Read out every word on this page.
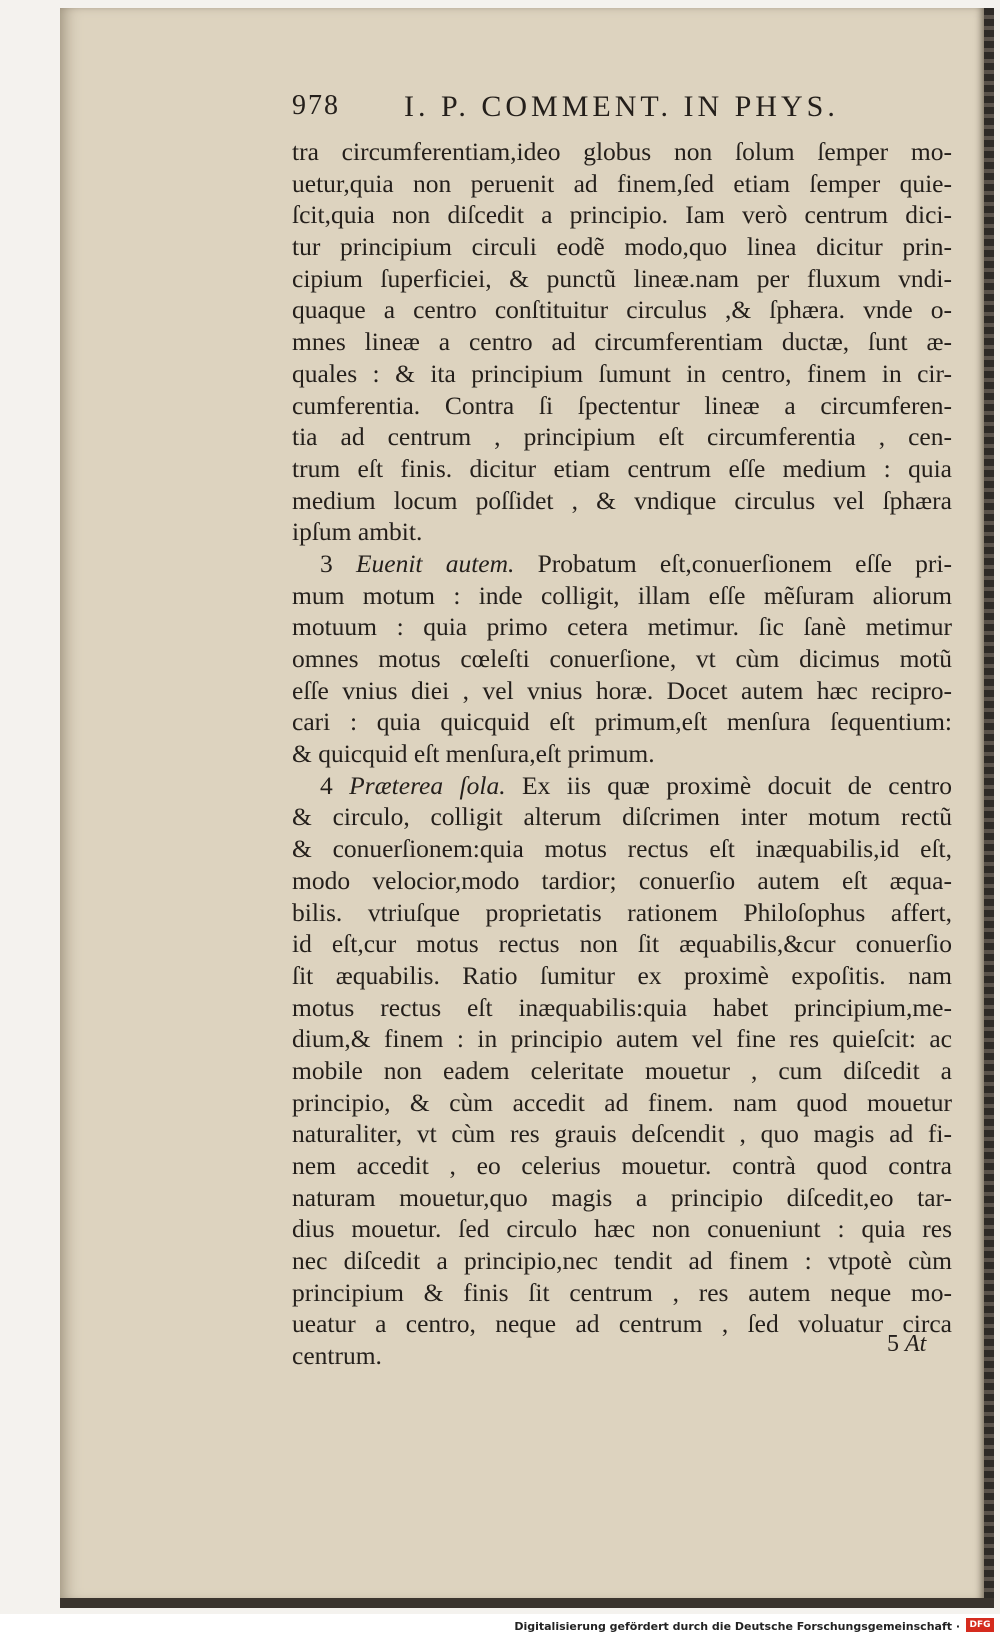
978 I. P. COMMENT. IN PHYS.
tra circumferentiam,ideo globus non ſolum ſemper mo-
uetur,quia non peruenit ad finem,ſed etiam ſemper quie-
ſcit,quia non diſcedit a principio. Iam verò centrum dici-
tur principium circuli eodẽ modo,quo linea dicitur prin-
cipium ſuperficiei, & punctũ lineæ.nam per fluxum vndi-
quaque a centro conſtituitur circulus ,& ſphæra. vnde o-
mnes lineæ a centro ad circumferentiam ductæ, ſunt æ-
quales : & ita principium ſumunt in centro, finem in cir-
cumferentia. Contra ſi ſpectentur lineæ a circumferen-
tia ad centrum , principium eſt circumferentia , cen-
trum eſt finis. dicitur etiam centrum eſſe medium : quia
medium locum poſſidet , & vndique circulus vel ſphæra
ipſum ambit.
3 Euenit autem. Probatum eſt,conuerſionem eſſe pri-
mum motum : inde colligit, illam eſſe mẽſuram aliorum
motuum : quia primo cetera metimur. ſic ſanè metimur
omnes motus cœleſti conuerſione, vt cùm dicimus motũ
eſſe vnius diei , vel vnius horæ. Docet autem hæc recipro-
cari : quia quicquid eſt primum,eſt menſura ſequentium:
& quicquid eſt menſura,eſt primum.
4 Præterea ſola. Ex iis quæ proximè docuit de centro
& circulo, colligit alterum diſcrimen inter motum rectũ
& conuerſionem:quia motus rectus eſt inæquabilis,id eſt,
modo velocior,modo tardior; conuerſio autem eſt æqua-
bilis. vtriuſque proprietatis rationem Philoſophus affert,
id eſt,cur motus rectus non ſit æquabilis,&cur conuerſio
ſit æquabilis. Ratio ſumitur ex proximè expoſitis. nam
motus rectus eſt inæquabilis:quia habet principium,me-
dium,& finem : in principio autem vel fine res quieſcit: ac
mobile non eadem celeritate mouetur , cum diſcedit a
principio, & cùm accedit ad finem. nam quod mouetur
naturaliter, vt cùm res grauis deſcendit , quo magis ad fi-
nem accedit , eo celerius mouetur. contrà quod contra
naturam mouetur,quo magis a principio diſcedit,eo tar-
dius mouetur. ſed circulo hæc non conueniunt : quia res
nec diſcedit a principio,nec tendit ad finem : vtpotè cùm
principium & finis ſit centrum , res autem neque mo-
ueatur a centro, neque ad centrum , ſed voluatur circa
centrum.	5 At
Digitalisierung gefördert durch die Deutsche Forschungsgemeinschaft ·	DFG
